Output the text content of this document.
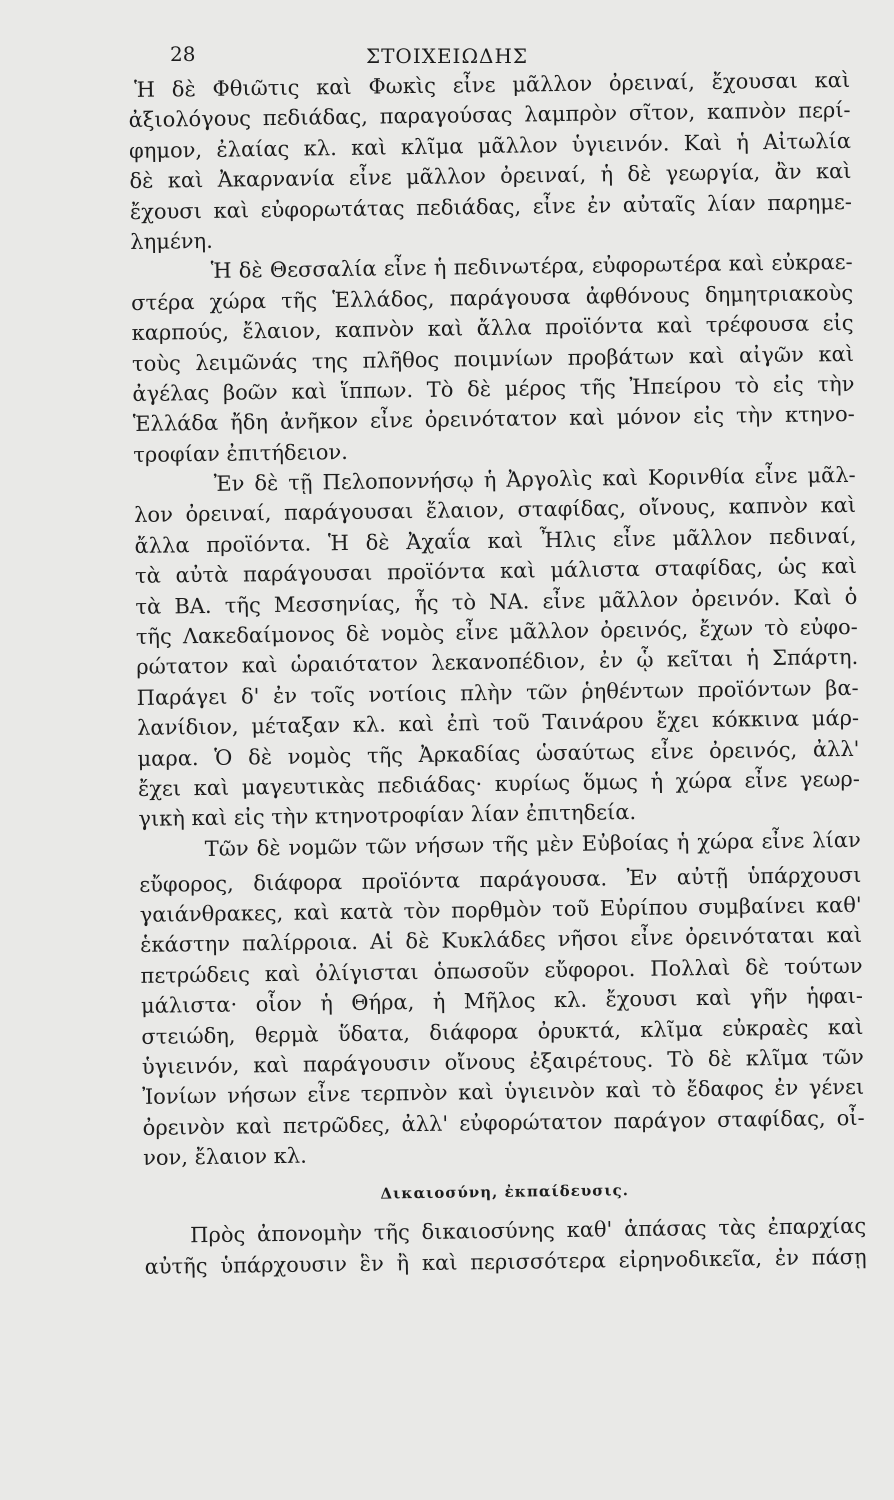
28	ΣΤΟΙΧΕΙΩΔΗΣ
Ἡ δὲ Φθιῶτις καὶ Φωκὶς εἶνε μᾶλλον ὀρειναί, ἔχουσαι καὶ
ἀξιολόγους πεδιάδας, παραγούσας λαμπρὸν σῖτον, καπνὸν περί-
φημον, ἐλαίας κλ. καὶ κλῖμα μᾶλλον ὑγιεινόν. Καὶ ἡ Αἰτωλία
δὲ καὶ Ἀκαρνανία εἶνε μᾶλλον ὀρειναί, ἡ δὲ γεωργία, ἂν καὶ
ἔχουσι καὶ εὐφορωτάτας πεδιάδας, εἶνε ἐν αὐταῖς λίαν παρημε-
λημένη.
Ἡ δὲ Θεσσαλία εἶνε ἡ πεδινωτέρα, εὐφορωτέρα καὶ εὐκραε-
στέρα χώρα τῆς Ἑλλάδος, παράγουσα ἀφθόνους δημητριακοὺς
καρπούς, ἔλαιον, καπνὸν καὶ ἄλλα προϊόντα καὶ τρέφουσα εἰς
τοὺς λειμῶνάς της πλῆθος ποιμνίων προβάτων καὶ αἰγῶν καὶ
ἀγέλας βοῶν καὶ ἵππων. Τὸ δὲ μέρος τῆς Ἠπείρου τὸ εἰς τὴν
Ἑλλάδα ἤδη ἀνῆκον εἶνε ὀρεινότατον καὶ μόνον εἰς τὴν κτηνο-
τροφίαν ἐπιτήδειον.
Ἐν δὲ τῇ Πελοποννήσῳ ἡ Ἀργολὶς καὶ Κορινθία εἶνε μᾶλ-
λον ὀρειναί, παράγουσαι ἔλαιον, σταφίδας, οἴνους, καπνὸν καὶ
ἄλλα προϊόντα. Ἡ δὲ Ἀχαΐα καὶ Ἦλις εἶνε μᾶλλον πεδιναί,
τὰ αὐτὰ παράγουσαι προϊόντα καὶ μάλιστα σταφίδας, ὡς καὶ
τὰ ΒΑ. τῆς Μεσσηνίας, ἧς τὸ ΝΑ. εἶνε μᾶλλον ὀρεινόν. Καὶ ὁ
τῆς Λακεδαίμονος δὲ νομὸς εἶνε μᾶλλον ὀρεινός, ἔχων τὸ εὐφο-
ρώτατον καὶ ὡραιότατον λεκανοπέδιον, ἐν ᾧ κεῖται ἡ Σπάρτη.
Παράγει δ' ἐν τοῖς νοτίοις πλὴν τῶν ῥηθέντων προϊόντων βα-
λανίδιον, μέταξαν κλ. καὶ ἐπὶ τοῦ Ταινάρου ἔχει κόκκινα μάρ-
μαρα. Ὁ δὲ νομὸς τῆς Ἀρκαδίας ὡσαύτως εἶνε ὀρεινός, ἀλλ'
ἔχει καὶ μαγευτικὰς πεδιάδας· κυρίως ὅμως ἡ χώρα εἶνε γεωρ-
γικὴ καὶ εἰς τὴν κτηνοτροφίαν λίαν ἐπιτηδεία.
Τῶν δὲ νομῶν τῶν νήσων τῆς μὲν Εὐβοίας ἡ χώρα εἶνε λίαν
εὔφορος, διάφορα προϊόντα παράγουσα. Ἐν αὐτῇ ὑπάρχουσι
γαιάνθρακες, καὶ κατὰ τὸν πορθμὸν τοῦ Εὐρίπου συμβαίνει καθ'
ἑκάστην παλίρροια. Αἱ δὲ Κυκλάδες νῆσοι εἶνε ὀρεινόταται καὶ
πετρώδεις καὶ ὀλίγισται ὁπωσοῦν εὔφοροι. Πολλαὶ δὲ τούτων
μάλιστα· οἷον ἡ Θήρα, ἡ Μῆλος κλ. ἔχουσι καὶ γῆν ἡφαι-
στειώδη, θερμὰ ὕδατα, διάφορα ὀρυκτά, κλῖμα εὐκραὲς καὶ
ὑγιεινόν, καὶ παράγουσιν οἴνους ἐξαιρέτους. Τὸ δὲ κλῖμα τῶν
Ἰονίων νήσων εἶνε τερπνὸν καὶ ὑγιεινὸν καὶ τὸ ἔδαφος ἐν γένει
ὀρεινὸν καὶ πετρῶδες, ἀλλ' εὐφορώτατον παράγον σταφίδας, οἶ-
νον, ἔλαιον κλ.
Δικαιοσύνη, ἐκπαίδευσις.
Πρὸς ἀπονομὴν τῆς δικαιοσύνης καθ' ἁπάσας τὰς ἐπαρχίας
αὐτῆς ὑπάρχουσιν ἓν ἢ καὶ περισσότερα εἰρηνοδικεῖα, ἐν πάσῃ
